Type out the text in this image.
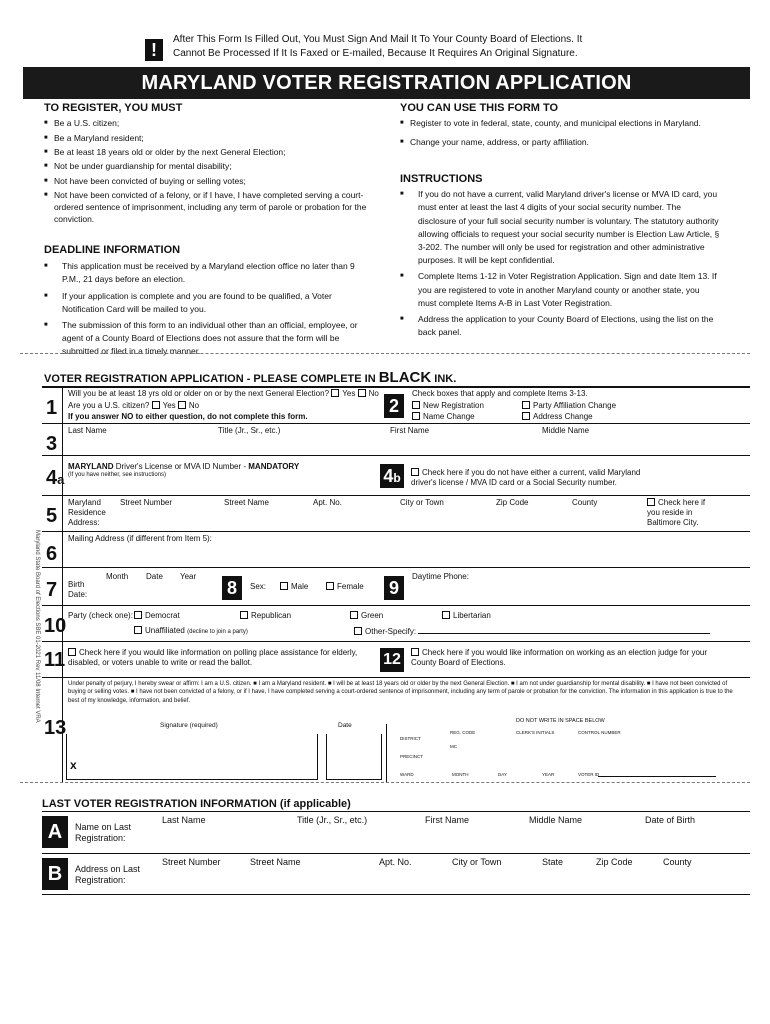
!
After This Form Is Filled Out, You Must Sign And Mail It To Your County Board of Elections. It Cannot Be Processed If It Is Faxed or E-mailed, Because It Requires An Original Signature.
MARYLAND VOTER REGISTRATION APPLICATION
TO REGISTER, YOU MUST
■ Be a U.S. citizen;
■ Be a Maryland resident;
■ Be at least 18 years old or older by the next General Election;
■ Not be under guardianship for mental disability;
■ Not have been convicted of buying or selling votes;
■ Not have been convicted of a felony, or if I have, I have completed serving a court-ordered sentence of imprisonment, including any term of parole or probation for the conviction.
DEADLINE INFORMATION
■ This application must be received by a Maryland election office no later than 9 P.M., 21 days before an election.
■ If your application is complete and you are found to be qualified, a Voter Notification Card will be mailed to you.
■ The submission of this form to an individual other than an official, employee, or agent of a County Board of Elections does not assure that the form will be submitted or filed in a timely manner.
YOU CAN USE THIS FORM TO
■ Register to vote in federal, state, county, and municipal elections in Maryland.
■ Change your name, address, or party affiliation.
INSTRUCTIONS
■ If you do not have a current, valid Maryland driver's license or MVA ID card, you must enter at least the last 4 digits of your social security number. The disclosure of your full social security number is voluntary. The statutory authority allowing officials to request your social security number is Election Law Article, § 3-202. The number will only be used for registration and other administrative purposes. It will be kept confidential.
■ Complete Items 1-12 in Voter Registration Application. Sign and date Item 13. If you are registered to vote in another Maryland county or another state, you must complete Items A-B in Last Voter Registration.
■ Address the application to your County Board of Elections, using the list on the back panel.
VOTER REGISTRATION APPLICATION - PLEASE COMPLETE IN BLACK INK.
Maryland State Board of Elections SBE 01-2021 Rev 11/08 Internet VRA
1
Will you be at least 18 yrs old or older on or by the next General Election? Yes No
Are you a U.S. citizen? Yes No
If you answer NO to either question, do not complete this form.
2
Check boxes that apply and complete Items 3-13.
New Registration	Party Affiliation Change
Name Change	Address Change
3
Last Name	Title (Jr., Sr., etc.)	First Name	Middle Name
4a
MARYLAND Driver's License or MVA ID Number - MANDATORY
(If you have neither, see instructions)	4b	Check here if you do not have either a current, valid Maryland driver's license / MVA ID card or a Social Security number.
5
Maryland Residence Address:
Street Number	Street Name	Apt. No.	City or Town	Zip Code	County	Check here if you reside in Baltimore City.
6
Mailing Address (if different from Item 5):
7 Birth Date:
Month Date Year
8	Sex:	Male	Female 9
Daytime Phone:
10 Party (check one):	Democrat	Republican	Green	Libertarian
Unaffiliated (decline to join a party)	Other-Specify:
11	Check here if you would like information on polling place assistance for elderly, disabled, or voters unable to write or read the ballot.	12	Check here if you would like information on working as an election judge for your County Board of Elections.
13
Under penalty of perjury, I hereby swear or affirm: I am a U.S. citizen. ■ I am a Maryland resident. ■ I will be at least 18 years old or older by the next General Election. ■ I am not under guardianship for mental disability. ■ I have not been convicted of buying or selling votes. ■ I have not been convicted of a felony, or if I have, I have completed serving a court-ordered sentence of imprisonment, including any term of parole or probation for the conviction. The information in this application is true to the best of my knowledge, information, and belief.
Signature (required)	Date
x
DO NOT WRITE IN SPACE BELOW
DISTRICT
REG. CODE	CLERK'S INITIALS	CONTROL NUMBER
MC
PRECINCT
WARD	MONTH	DAY	YEAR	VOTER ID
LAST VOTER REGISTRATION INFORMATION (if applicable)
A	Name on Last Registration:
Last Name	Title (Jr., Sr., etc.)	First Name	Middle Name	Date of Birth
B	Address on Last Registration:
Street Number	Street Name	Apt. No.	City or Town	State	Zip Code	County
